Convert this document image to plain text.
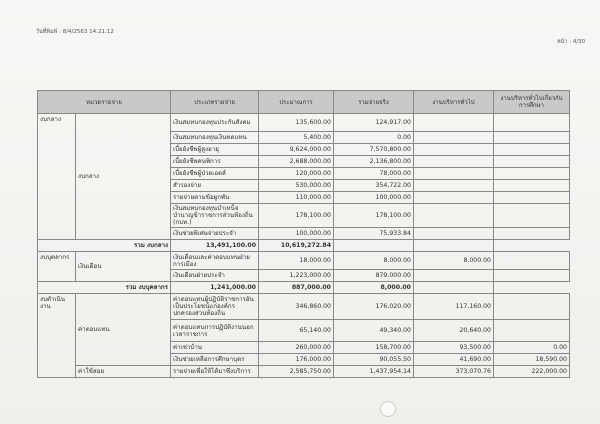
วันที่พิมพ์ : 8/4/2563 14:21:12
หน้า : 4/30
หมวดรายจ่าย		ประเภทรายจ่าย	ประมาณการ	รวมจ่ายจริง	งานบริหารทั่วไป	งานบริหารทั่วไปเกี่ยวกับการศึกษา
งบกลาง	งบกลาง	เงินสมทบกองทุนประกันสังคม	135,600.00	124,917.00		
		เงินสมทบกองทุนเงินทดแทน	5,400.00	0.00		
		เบี้ยยังชีพผู้สูงอายุ	9,624,000.00	7,570,800.00		
		เบี้ยยังชีพคนพิการ	2,688,000.00	2,136,800.00		
		เบี้ยยังชีพผู้ป่วยเอดส์	120,000.00	78,000.00		
		สำรองจ่าย	530,000.00	354,722.00		
		รายจ่ายตามข้อผูกพัน	110,000.00	100,000.00		
		เงินสมทบกองทุนบำเหน็จบำนาญข้าราชการส่วนท้องถิ่น (กบท.)	178,100.00	178,100.00		
		เงินช่วยพิเศษจ่ายประจำ	100,000.00	75,933.84		
รวม งบกลาง		13,491,100.00	10,619,272.84			
งบบุคลากร	เงินเดือน	เงินเดือนและค่าตอบแทนฝ่ายการเมือง	18,000.00	8,000.00	8,000.00	
		เงินเดือนฝ่ายประจำ	1,223,000.00	879,000.00		
รวม งบบุคลากร		1,241,000.00	887,000.00	8,000.00		
งบดำเนินงาน	ค่าตอบแทน	ค่าตอบแทนผู้ปฏิบัติราชการอันเป็นประโยชน์แก่องค์กรปกครองส่วนท้องถิ่น	346,860.00	176,020.00	117,160.00	
		ค่าตอบแทนการปฏิบัติงานนอกเวลาราชการ	65,140.00	49,340.00	20,640.00	
		ค่าเช่าบ้าน	260,000.00	158,700.00	93,500.00	0.00
		เงินช่วยเหลือการศึกษาบุตร	176,000.00	90,055.50	41,690.00	18,590.00
	ค่าใช้สอย	รายจ่ายเพื่อให้ได้มาซึ่งบริการ	2,585,750.00	1,437,954.14	373,070.76	222,000.00
